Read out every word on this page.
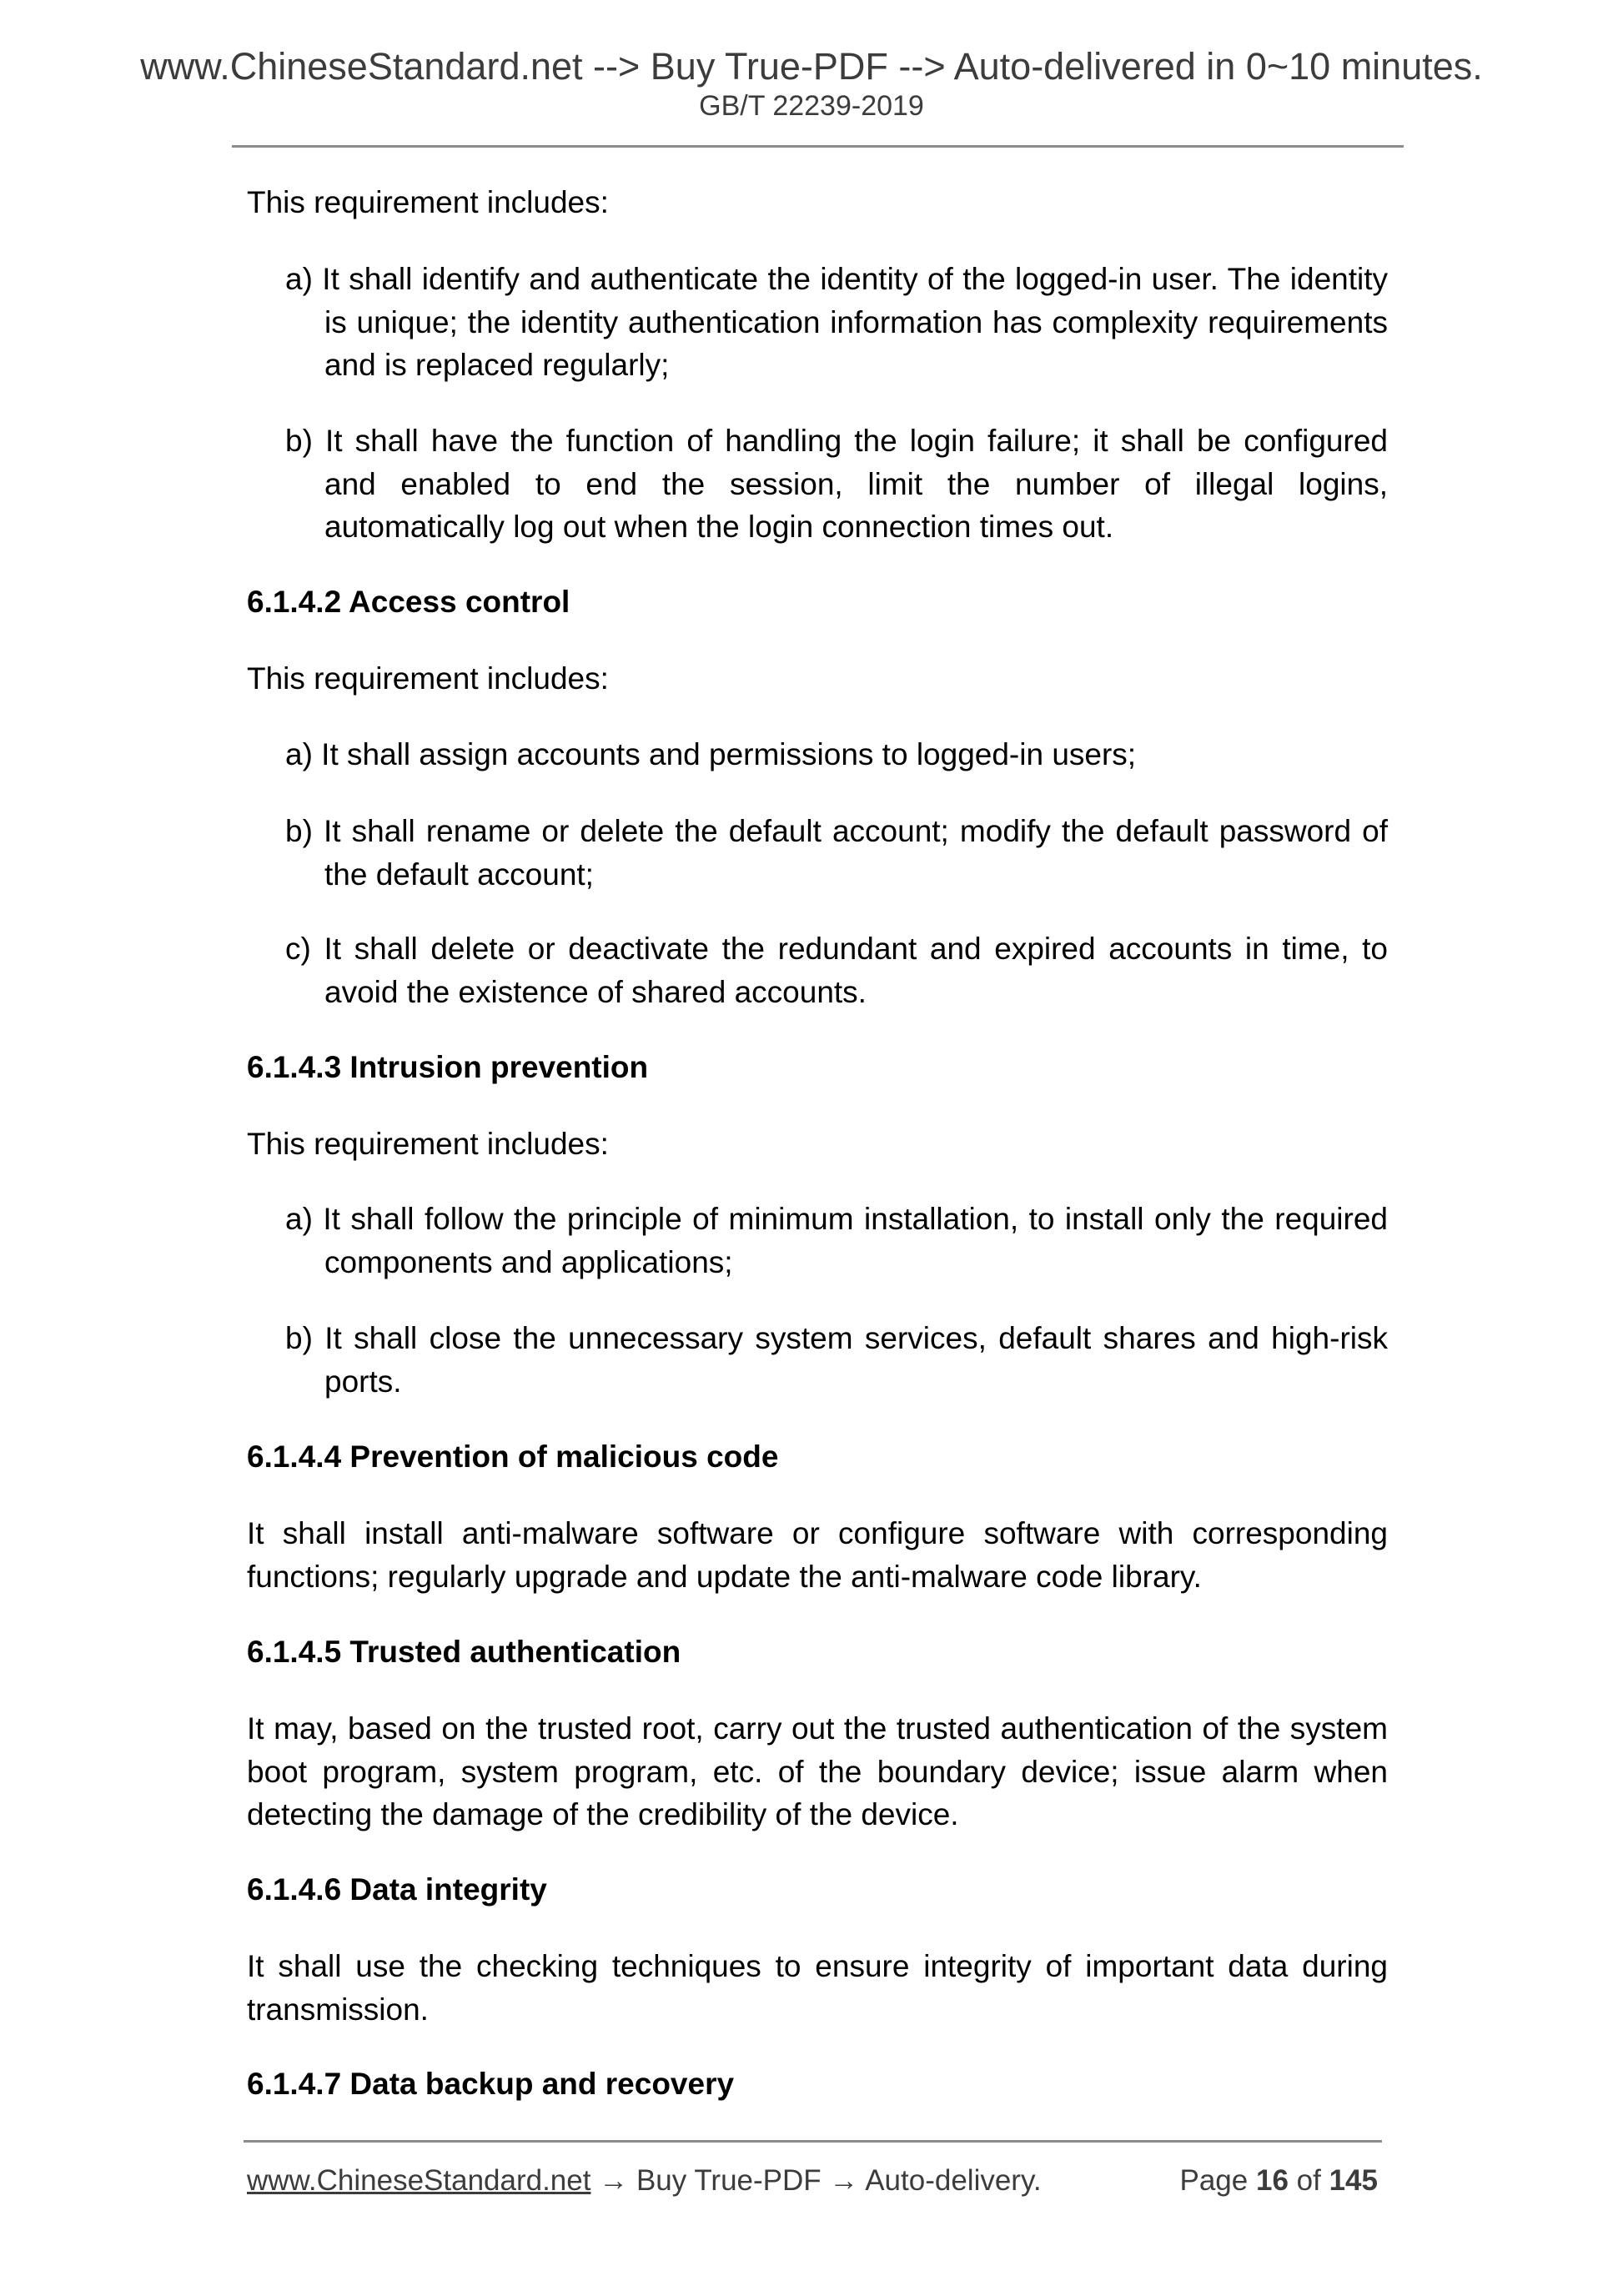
www.ChineseStandard.net --> Buy True-PDF --> Auto-delivered in 0~10 minutes.
GB/T 22239-2019
This requirement includes:
a) It shall identify and authenticate the identity of the logged-in user. The identity is unique; the identity authentication information has complexity requirements and is replaced regularly;
b) It shall have the function of handling the login failure; it shall be configured and enabled to end the session, limit the number of illegal logins, automatically log out when the login connection times out.
6.1.4.2 Access control
This requirement includes:
a) It shall assign accounts and permissions to logged-in users;
b) It shall rename or delete the default account; modify the default password of the default account;
c) It shall delete or deactivate the redundant and expired accounts in time, to avoid the existence of shared accounts.
6.1.4.3 Intrusion prevention
This requirement includes:
a) It shall follow the principle of minimum installation, to install only the required components and applications;
b) It shall close the unnecessary system services, default shares and high-risk ports.
6.1.4.4 Prevention of malicious code
It shall install anti-malware software or configure software with corresponding functions; regularly upgrade and update the anti-malware code library.
6.1.4.5 Trusted authentication
It may, based on the trusted root, carry out the trusted authentication of the system boot program, system program, etc. of the boundary device; issue alarm when detecting the damage of the credibility of the device.
6.1.4.6 Data integrity
It shall use the checking techniques to ensure integrity of important data during transmission.
6.1.4.7 Data backup and recovery
www.ChineseStandard.net → Buy True-PDF → Auto-delivery.	Page 16 of 145
